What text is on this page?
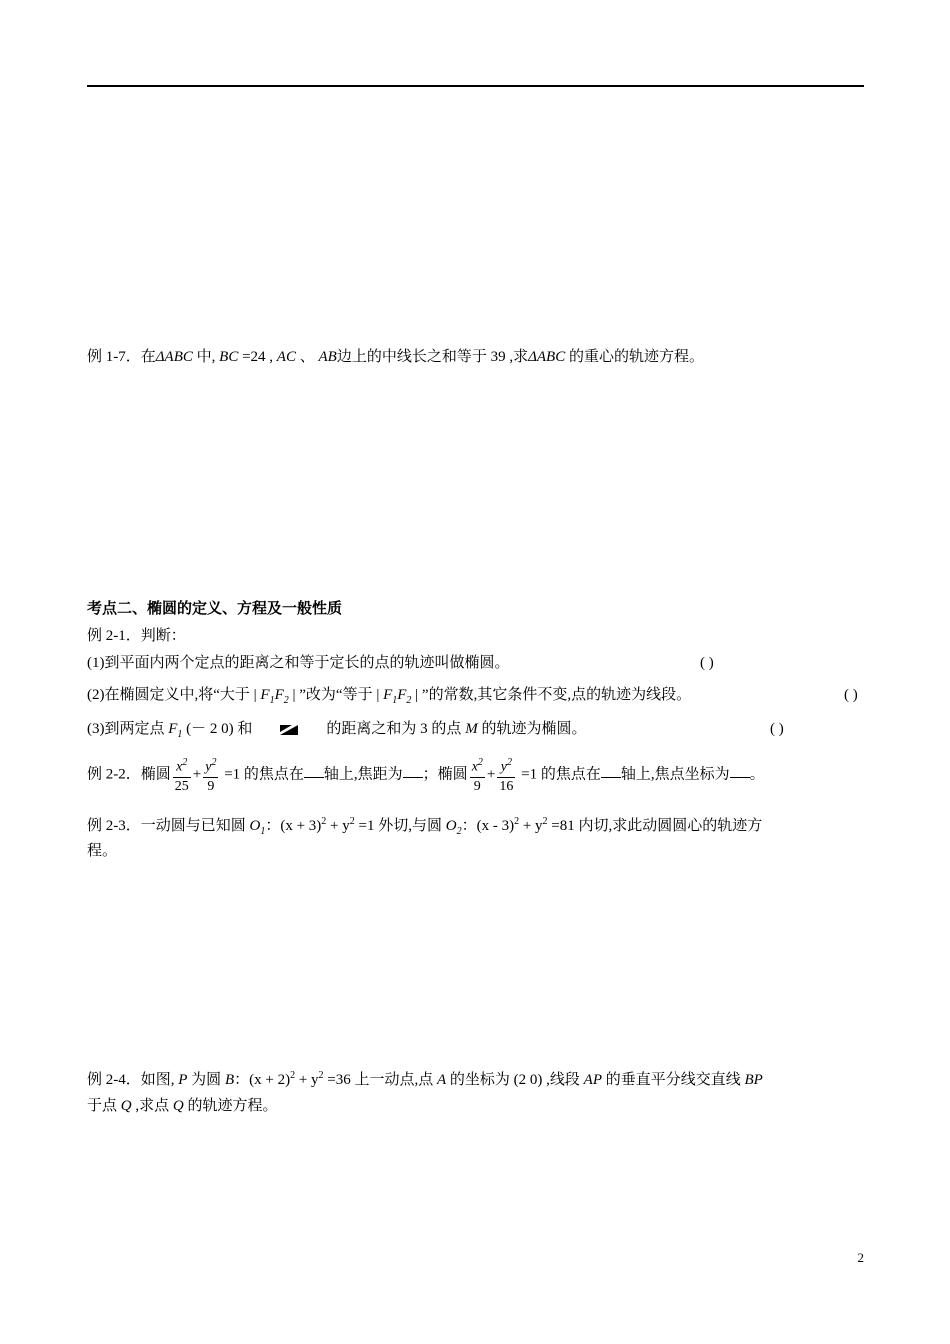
例 1-7．在ΔABC 中, BC =24 , AC 、 AB边上的中线长之和等于 39 ,求ΔABC 的重心的轨迹方程。
考点二、椭圆的定义、方程及一般性质
例 2-1．判断：
(1)到平面内两个定点的距离之和等于定长的点的轨迹叫做椭圆。	( )
(2)在椭圆定义中,将“大于 | $F_1F_2$ | ”改为“等于 | $F_1F_2$ | ”的常数,其它条件不变,点的轨迹为线段。	( )
(3)到两定点 $F_1$ (－ 2 0) 和	的距离之和为 3 的点 M 的轨迹为椭圆。	( )
例 2-2．椭圆 $\frac{x^2}{25} + \frac{y^2}{9} =1$ 的焦点在 轴上,焦距为 ；椭圆 $\frac{x^2}{9} + \frac{y^2}{16} =1$ 的焦点在 轴上,焦点坐标为 。
例 2-3．一动圆与已知圆 $O_1$：$(x + 3)^2 + y^2 =1$ 外切,与圆 $O_2$：$(x - 3)^2 + y^2 =81$ 内切,求此动圆圆心的轨迹方
程。
例 2-4．如图, P 为圆 B：$(x + 2)^2 + y^2 =36$ 上一动点,点 A 的坐标为 (2 0) ,线段 AP 的垂直平分线交直线 BP
于点 Q ,求点 Q 的轨迹方程。
2
